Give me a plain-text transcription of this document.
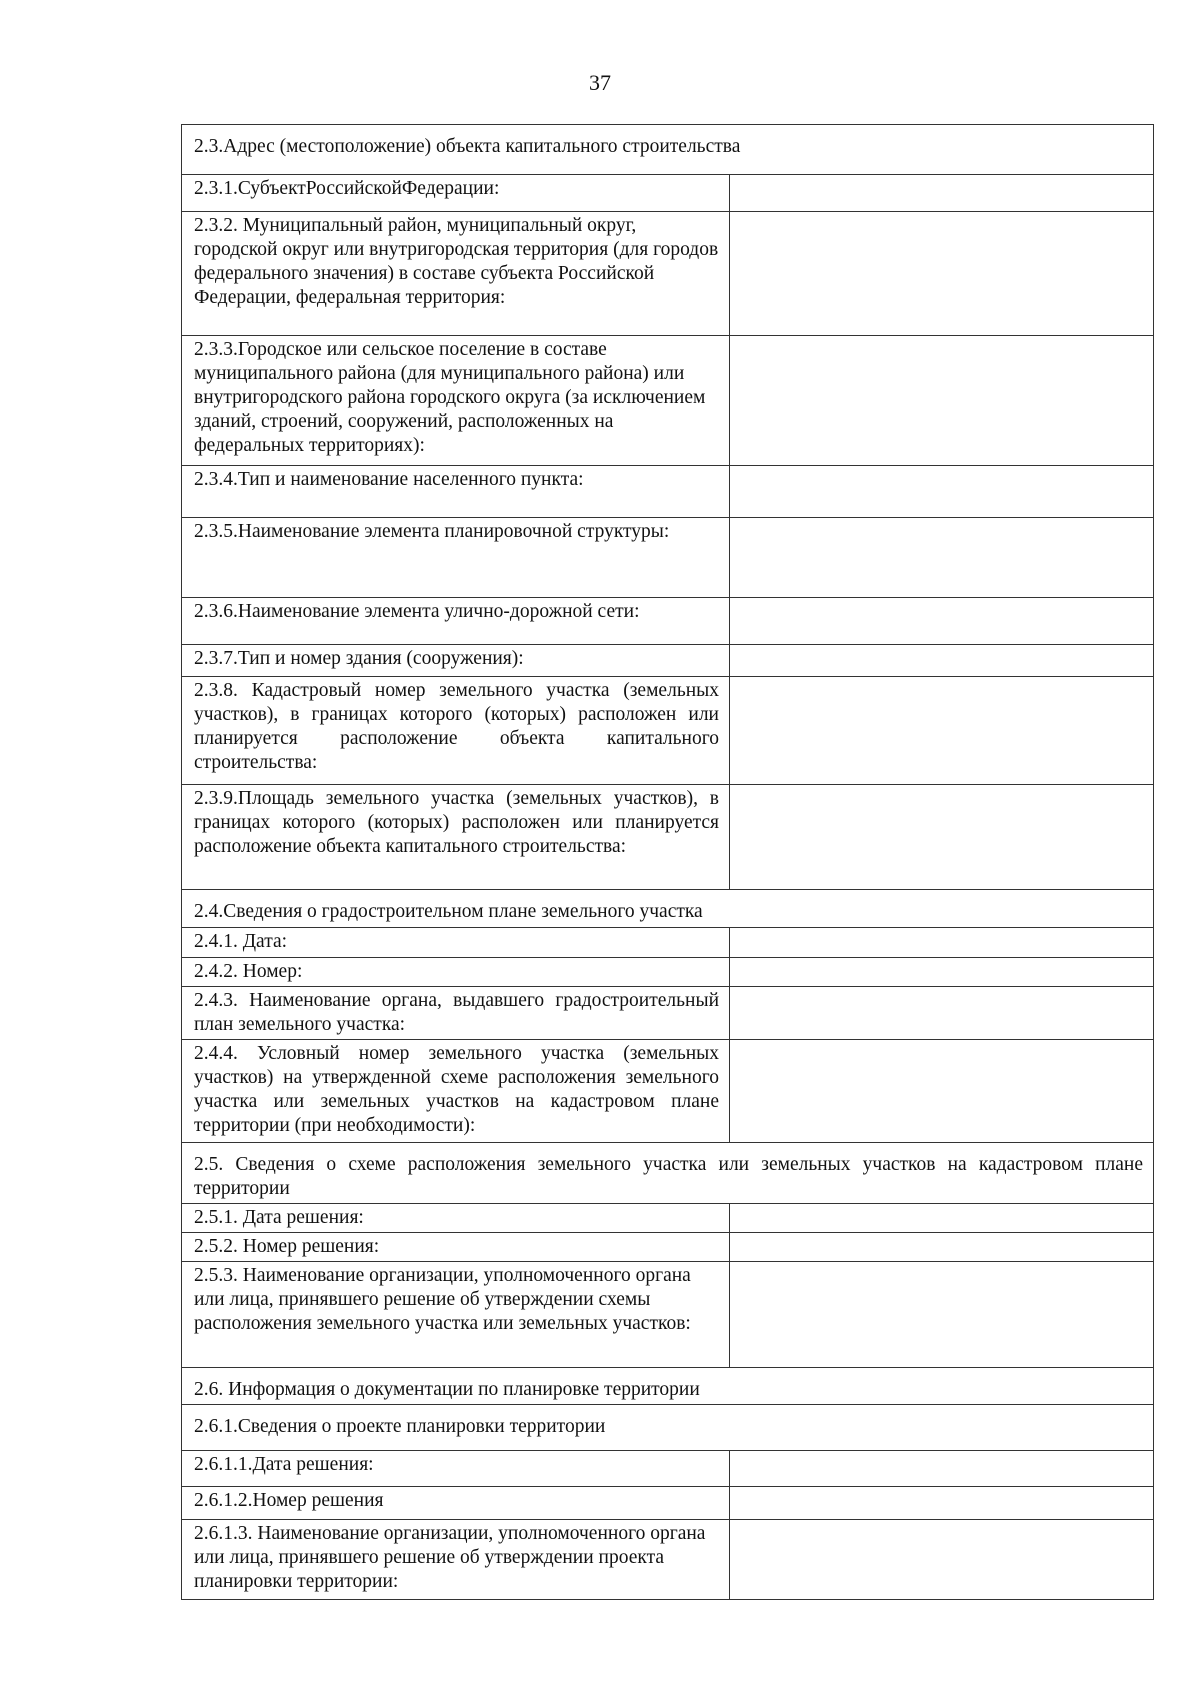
37
2.3.Адрес (местоположение) объекта капитального строительства	
2.3.1.СубъектРоссийскойФедерации:	
2.3.2. Муниципальный район, муниципальный округ, городской округ или внутригородская территория (для городов федерального значения) в составе субъекта Российской Федерации, федеральная территория:	
2.3.3.Городское или сельское поселение в составе муниципального района (для муниципального района) или внутригородского района городского округа (за исключением зданий, строений, сооружений, расположенных на федеральных территориях):	
2.3.4.Тип и наименование населенного пункта:	
2.3.5.Наименование элемента планировочной структуры:	
2.3.6.Наименование элемента улично-дорожной сети:	
2.3.7.Тип и номер здания (сооружения):	
2.3.8. Кадастровый номер земельного участка (земельных участков), в границах которого (которых) расположен или планируется расположение объекта капитального строительства:	
2.3.9.Площадь земельного участка (земельных участков), в границах которого (которых) расположен или планируется расположение объекта капитального строительства:	
2.4.Сведения о градостроительном плане земельного участка	
2.4.1. Дата:	
2.4.2. Номер:	
2.4.3. Наименование органа, выдавшего градостроительный план земельного участка:	
2.4.4. Условный номер земельного участка (земельных участков) на утвержденной схеме расположения земельного участка или земельных участков на кадастровом плане территории (при необходимости):	
2.5. Сведения о схеме расположения земельного участка или земельных участков на кадастровом плане территории	
2.5.1. Дата решения:	
2.5.2. Номер решения:	
2.5.3. Наименование организации, уполномоченного органа или лица, принявшего решение об утверждении схемы расположения земельного участка или земельных участков:	
2.6. Информация о документации по планировке территории	
2.6.1.Сведения о проекте планировки территории	
2.6.1.1.Дата решения:	
2.6.1.2.Номер решения	
2.6.1.3. Наименование организации, уполномоченного органа или лица, принявшего решение об утверждении проекта планировки территории:	
